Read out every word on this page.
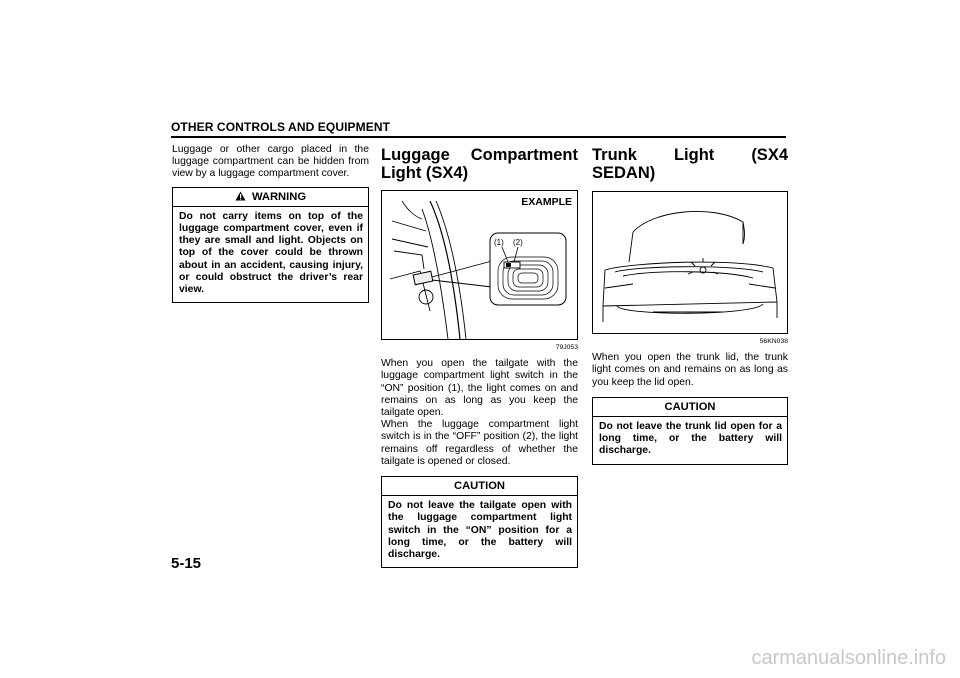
OTHER CONTROLS AND EQUIPMENT

Luggage or other cargo placed in the luggage compartment can be hidden from view by a luggage compartment cover.

WARNING
Do not carry items on top of the luggage compartment cover, even if they are small and light. Objects on top of the cover could be thrown about in an accident, causing injury, or could obstruct the driver’s rear view.
Luggage Compartment Light (SX4)
EXAMPLE
(1) (2)
79J053

When you open the tailgate with the luggage compartment light switch in the “ON” position (1), the light comes on and remains on as long as you keep the tailgate open.

When the luggage compartment light switch is in the “OFF” position (2), the light remains off regardless of whether the tailgate is opened or closed.

CAUTION
Do not leave the tailgate open with the luggage compartment light switch in the “ON” position for a long time, or the battery will discharge.
Trunk Light (SX4 SEDAN)
56KN038

When you open the trunk lid, the trunk light comes on and remains on as long as you keep the lid open.

CAUTION
Do not leave the trunk lid open for a long time, or the battery will discharge.
5-15
carmanualsonline.info
